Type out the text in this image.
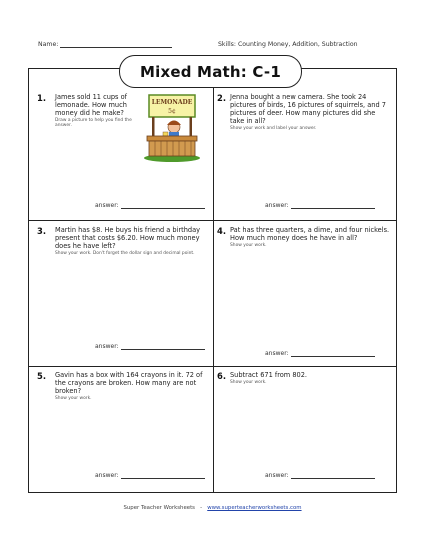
Name:	Skills: Counting Money, Addition, Subtraction
Mixed Math: C-1
1. James sold 11 cups of lemonade. How much money did he make?
Draw a picture to help you find the answer.
LEMONADE
5¢
answer:
2. Jenna bought a new camera. She took 24 pictures of birds, 16 pictures of squirrels, and 7 pictures of deer. How many pictures did she take in all?
Show your work and label your answer.
answer:
3. Martin has $8. He buys his friend a birthday present that costs $6.20. How much money does he have left?
Show your work. Don't forget the dollar sign and decimal point.
answer:
4. Pat has three quarters, a dime, and four nickels. How much money does he have in all?
Show your work.
answer:
5. Gavin has a box with 164 crayons in it. 72 of the crayons are broken. How many are not broken?
Show your work.
answer:
6. Subtract 671 from 802.
Show your work.
answer:
Super Teacher Worksheets - www.superteacherworksheets.com
